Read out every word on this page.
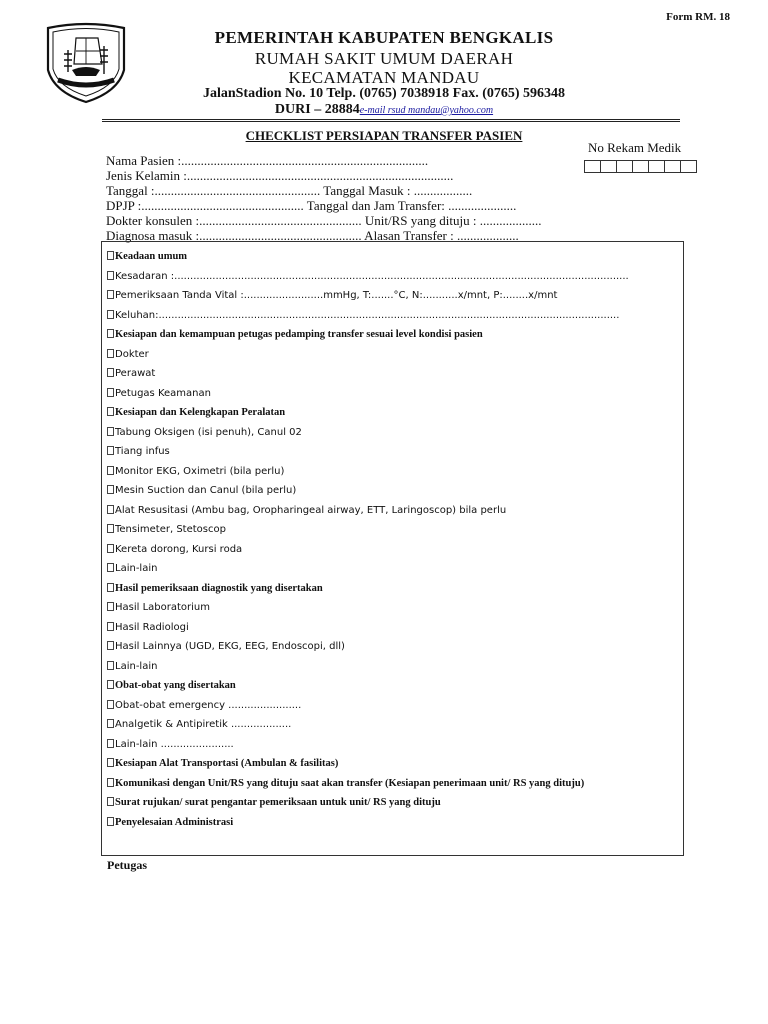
Form RM. 18
PEMERINTAH KABUPATEN BENGKALIS
RUMAH SAKIT UMUM DAERAH
KECAMATAN MANDAU
JalanStadion No. 10 Telp. (0765) 7038918 Fax. (0765) 596348
DURI – 28884e-mail rsud mandau@yahoo.com
CHECKLIST PERSIAPAN TRANSFER PASIEN
No Rekam Medik
Nama Pasien :............................................................................
Jenis Kelamin :..................................................................................
Tanggal :................................................... Tanggal Masuk : ..................
DPJP :.................................................. Tanggal dan Jam Transfer: .....................
Dokter konsulen :.................................................. Unit/RS yang dituju : ...................
Diagnosa masuk :.................................................. Alasan Transfer : ...................
Keadaan umum
Kesadaran :...............................................................................................................................................
Pemeriksaan Tanda Vital :.........................mmHg, T:.......°C, N:...........x/mnt, P:........x/mnt
Keluhan:.................................................................................................................................................
Kesiapan dan kemampuan petugas pedamping transfer sesuai level kondisi pasien
Dokter
Perawat
Petugas Keamanan
Kesiapan dan Kelengkapan Peralatan
Tabung Oksigen (isi penuh), Canul 02
Tiang infus
Monitor EKG, Oximetri (bila perlu)
Mesin Suction dan Canul (bila perlu)
Alat Resusitasi (Ambu bag, Oropharingeal airway, ETT, Laringoscop) bila perlu
Tensimeter, Stetoscop
Kereta dorong, Kursi roda
Lain-lain
Hasil pemeriksaan diagnostik yang disertakan
Hasil Laboratorium
Hasil Radiologi
Hasil Lainnya (UGD, EKG, EEG, Endoscopi, dll)
Lain-lain
Obat-obat yang disertakan
Obat-obat emergency .......................
Analgetik & Antipiretik ...................
Lain-lain .......................
Kesiapan Alat Transportasi (Ambulan & fasilitas)
Komunikasi dengan Unit/RS yang dituju saat akan transfer (Kesiapan penerimaan unit/ RS yang dituju)
Surat rujukan/ surat pengantar pemeriksaan untuk unit/ RS yang dituju
Penyelesaian Administrasi
Petugas
